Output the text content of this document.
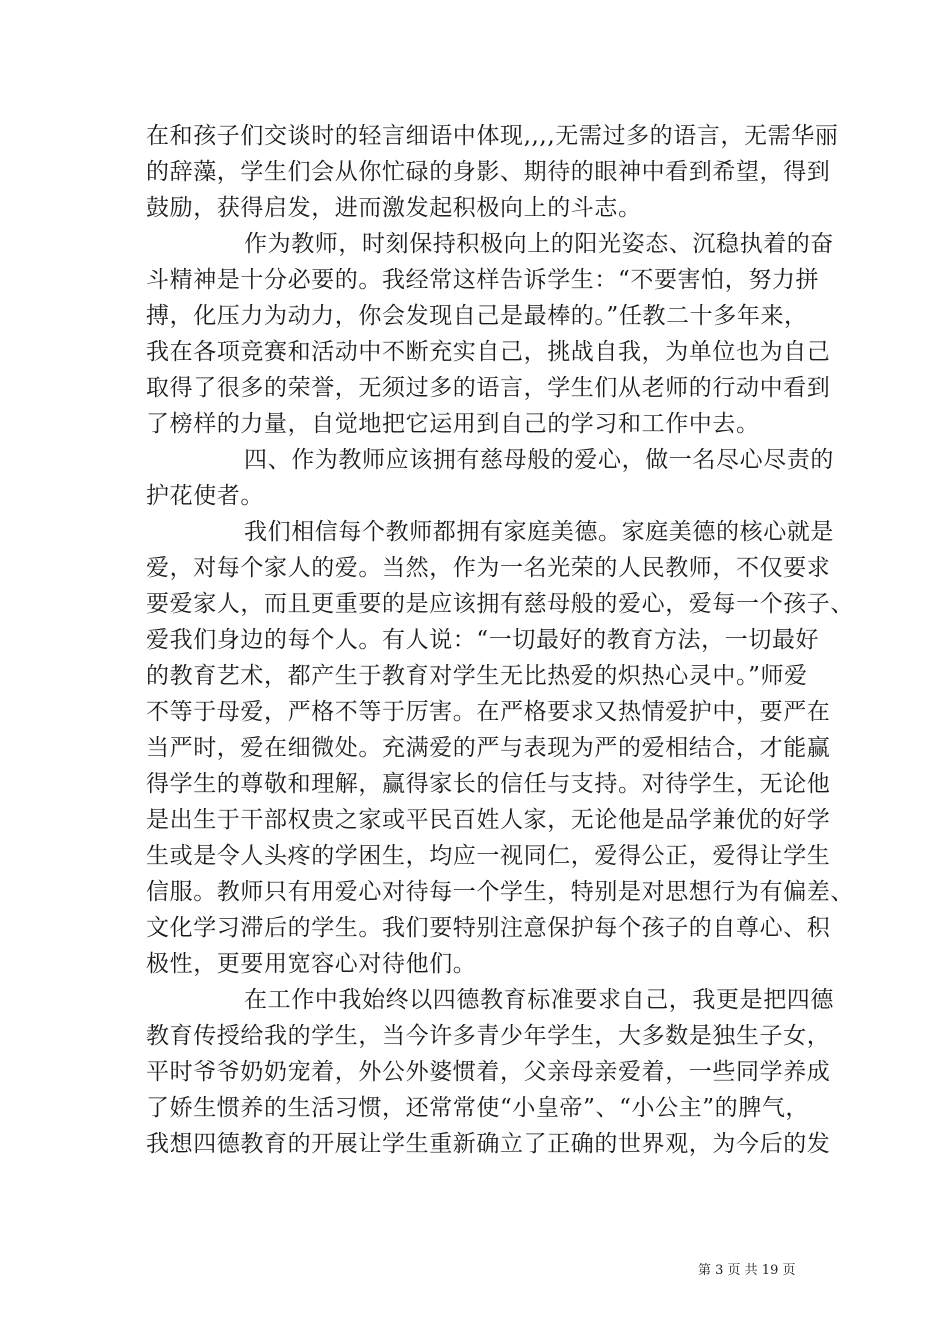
在和孩子们交谈时的轻言细语中体现,,,,无需过多的语言，无需华丽
的辞藻，学生们会从你忙碌的身影、期待的眼神中看到希望，得到
鼓励，获得启发，进而激发起积极向上的斗志。
作为教师，时刻保持积极向上的阳光姿态、沉稳执着的奋
斗精神是十分必要的。我经常这样告诉学生：“不要害怕，努力拼
搏，化压力为动力，你会发现自己是最棒的。”任教二十多年来，
我在各项竞赛和活动中不断充实自己，挑战自我，为单位也为自己
取得了很多的荣誉，无须过多的语言，学生们从老师的行动中看到
了榜样的力量，自觉地把它运用到自己的学习和工作中去。
四、作为教师应该拥有慈母般的爱心，做一名尽心尽责的
护花使者。
我们相信每个教师都拥有家庭美德。家庭美德的核心就是
爱，对每个家人的爱。当然，作为一名光荣的人民教师，不仅要求
要爱家人，而且更重要的是应该拥有慈母般的爱心，爱每一个孩子、
爱我们身边的每个人。有人说：“一切最好的教育方法，一切最好
的教育艺术，都产生于教育对学生无比热爱的炽热心灵中。”师爱
不等于母爱，严格不等于厉害。在严格要求又热情爱护中，要严在
当严时，爱在细微处。充满爱的严与表现为严的爱相结合，才能赢
得学生的尊敬和理解，赢得家长的信任与支持。对待学生，无论他
是出生于干部权贵之家或平民百姓人家，无论他是品学兼优的好学
生或是令人头疼的学困生，均应一视同仁，爱得公正，爱得让学生
信服。教师只有用爱心对待每一个学生，特别是对思想行为有偏差、
文化学习滞后的学生。我们要特别注意保护每个孩子的自尊心、积
极性，更要用宽容心对待他们。
在工作中我始终以四德教育标准要求自己，我更是把四德
教育传授给我的学生，当今许多青少年学生，大多数是独生子女，
平时爷爷奶奶宠着，外公外婆惯着，父亲母亲爱着，一些同学养成
了娇生惯养的生活习惯，还常常使“小皇帝”、“小公主”的脾气，
我想四德教育的开展让学生重新确立了正确的世界观，为今后的发
第 3 页 共 19 页
